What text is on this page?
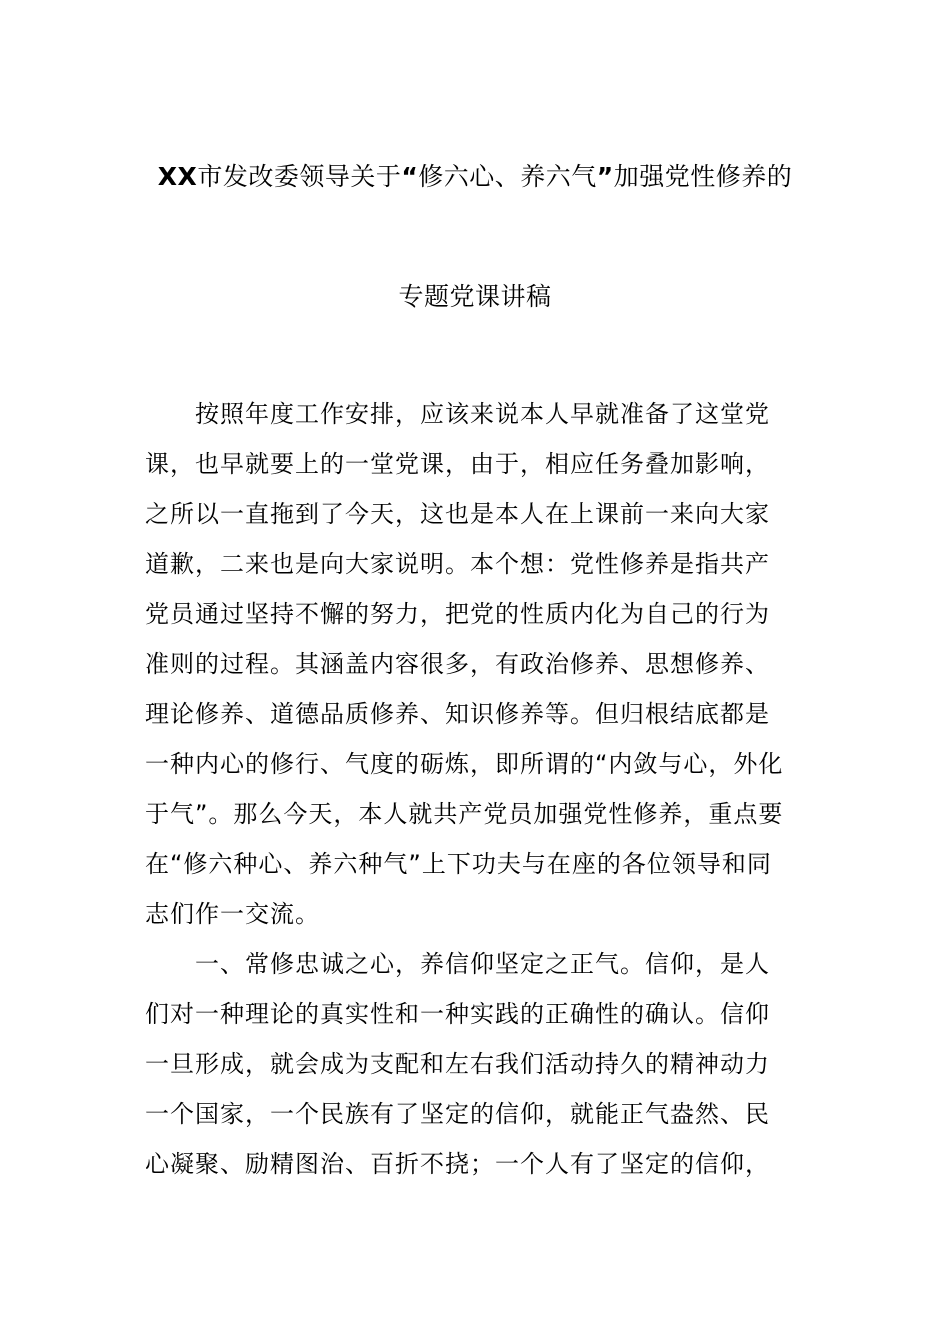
XX市发改委领导关于“修六心、养六气”加强党性修养的
专题党课讲稿
按照年度工作安排，应该来说本人早就准备了这堂党
课，也早就要上的一堂党课，由于，相应任务叠加影响，
之所以一直拖到了今天，这也是本人在上课前一来向大家
道歉，二来也是向大家说明。本个想：党性修养是指共产
党员通过坚持不懈的努力，把党的性质内化为自己的行为
准则的过程。其涵盖内容很多，有政治修养、思想修养、
理论修养、道德品质修养、知识修养等。但归根结底都是
一种内心的修行、气度的砺炼，即所谓的“内敛与心，外化
于气”。那么今天，本人就共产党员加强党性修养，重点要
在“修六种心、养六种气”上下功夫与在座的各位领导和同
志们作一交流。
一、常修忠诚之心，养信仰坚定之正气。信仰，是人
们对一种理论的真实性和一种实践的正确性的确认。信仰
一旦形成，就会成为支配和左右我们活动持久的精神动力
一个国家，一个民族有了坚定的信仰，就能正气盎然、民
心凝聚、励精图治、百折不挠；一个人有了坚定的信仰，
